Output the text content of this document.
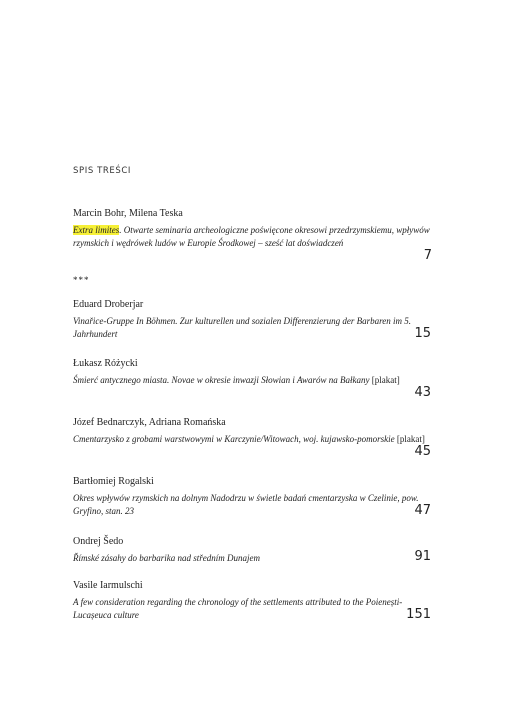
SPIS TREŚCI
Marcin Bohr, Milena Teska
Extra limites. Otwarte seminaria archeologiczne poświęcone okresowi przedrzymskiemu, wpływów rzymskich i wędrówek ludów w Europie Środkowej – sześć lat doświadczeń
7
***
Eduard Droberjar
Vinařice-Gruppe In Böhmen. Zur kulturellen und sozialen Differenzierung der Barbaren im 5. Jahrhundert	15
Łukasz Różycki
Śmierć antycznego miasta. Novae w okresie inwazji Słowian i Awarów na Bałkany [plakat]
43
Józef Bednarczyk, Adriana Romańska
Cmentarzysko z grobami warstwowymi w Karczynie/Witowach, woj. kujawsko-pomorskie [plakat]
45
Bartłomiej Rogalski
Okres wpływów rzymskich na dolnym Nadodrzu w świetle badań cmentarzyska w Czelinie, pow. Gryfino, stan. 23	47
Ondrej Šedo
Římské zásahy do barbarika nad středním Dunajem	91
Vasile Iarmulschi
A few consideration regarding the chronology of the settlements attributed to the Poienești-Lucașeuca culture	151
